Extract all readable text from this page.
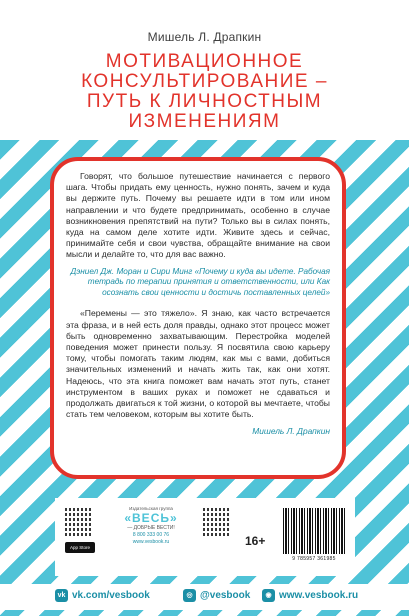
Мишель Л. Драпкин
МОТИВАЦИОННОЕ
КОНСУЛЬТИРОВАНИЕ –
ПУТЬ К ЛИЧНОСТНЫМ
ИЗМЕНЕНИЯМ

Говорят, что большое путешествие начинается с первого шага. Чтобы придать ему ценность, нужно понять, зачем и куда вы держите путь. Почему вы решаете идти в том или ином направлении и что будете предпринимать, особенно в случае возникновения препятствий на пути? Только вы в силах понять, куда на самом деле хотите идти. Живите здесь и сейчас, принимайте себя и свои чувства, обращайте внимание на свои мысли и делайте то, что для вас важно.

Дэниел Дж. Моран и Сири Минг «Почему и куда вы идете. Рабочая тетрадь по терапии принятия и ответственности, или Как осознать свои ценности и достичь поставленных целей»

«Перемены — это тяжело». Я знаю, как часто встречается эта фраза, и в ней есть доля правды, однако этот процесс может быть одновременно захватывающим. Перестройка моделей поведения может принести пользу. Я посвятила свою карьеру тому, чтобы помогать таким людям, как мы с вами, добиться значительных изменений и начать жить так, как они хотят. Надеюсь, что эта книга поможет вам начать этот путь, станет инструментом в ваших руках и поможет не сдаваться и продолжать двигаться к той жизни, о которой вы мечтаете, чтобы стать тем человеком, которым вы хотите быть.

Мишель Л. Драпкин
App Store
Издательская группа
«ВЕСЬ»
— ДОБРЫЕ ВЕСТИ!
8 800 333 00 76
www.vesbook.ru	16+
9 785957 361985
vk vk.com/vesbook	◎ @vesbook	◉ www.vesbook.ru
